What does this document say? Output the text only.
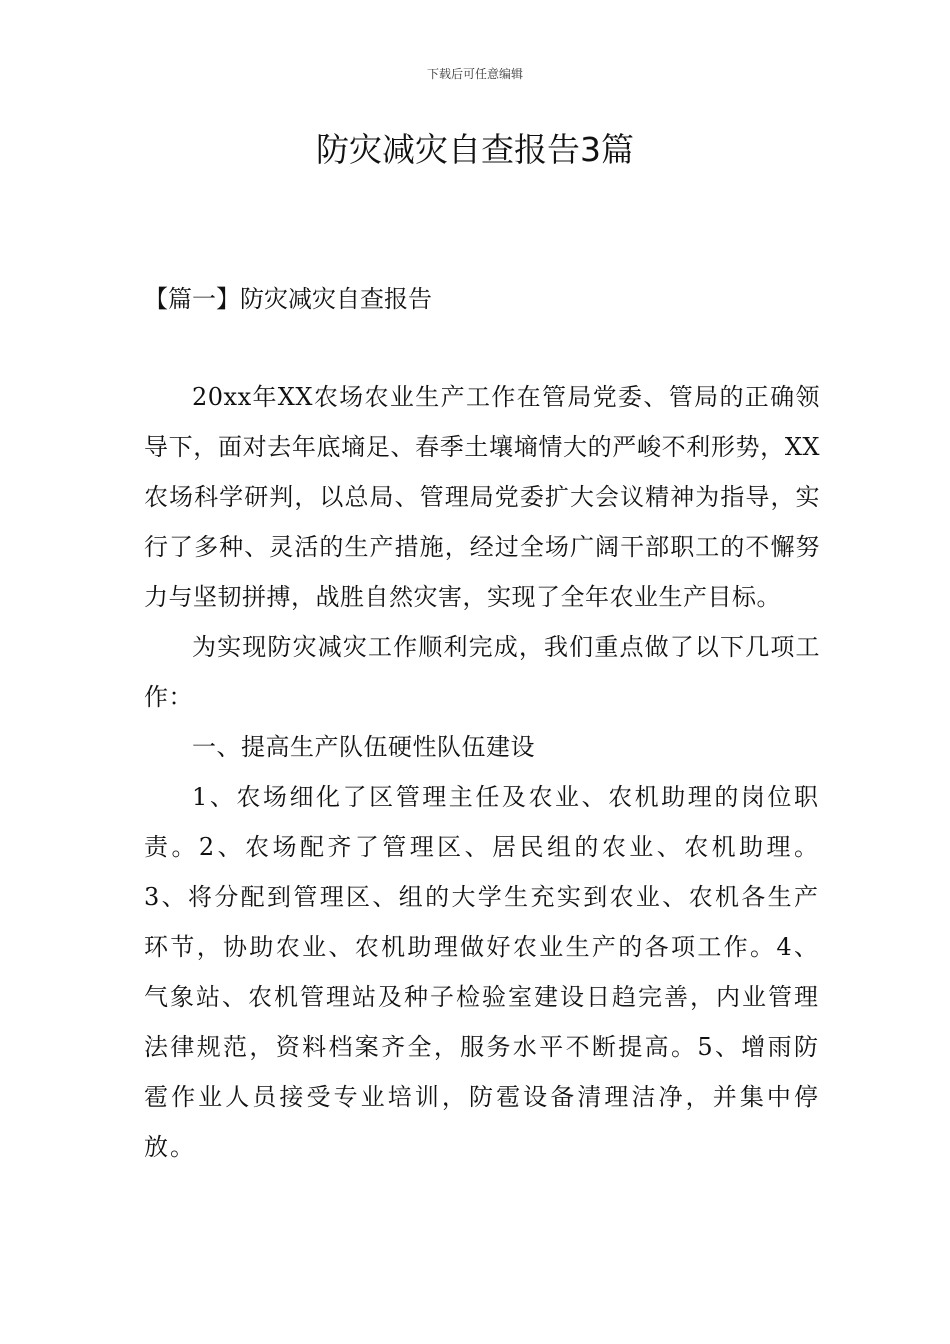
下载后可任意编辑
防灾减灾自查报告3篇
【篇一】防灾减灾自查报告

20xx年XX农场农业生产工作在管局党委、管局的正确领导下，面对去年底墒足、春季土壤墒情大的严峻不利形势，XX农场科学研判，以总局、管理局党委扩大会议精神为指导，实行了多种、灵活的生产措施，经过全场广阔干部职工的不懈努力与坚韧拼搏，战胜自然灾害，实现了全年农业生产目标。

为实现防灾减灾工作顺利完成，我们重点做了以下几项工作：

一、提高生产队伍硬性队伍建设

1、农场细化了区管理主任及农业、农机助理的岗位职责。2、农场配齐了管理区、居民组的农业、农机助理。3、将分配到管理区、组的大学生充实到农业、农机各生产环节，协助农业、农机助理做好农业生产的各项工作。4、气象站、农机管理站及种子检验室建设日趋完善，内业管理法律规范，资料档案齐全，服务水平不断提高。5、增雨防雹作业人员接受专业培训，防雹设备清理洁净，并集中停放。
